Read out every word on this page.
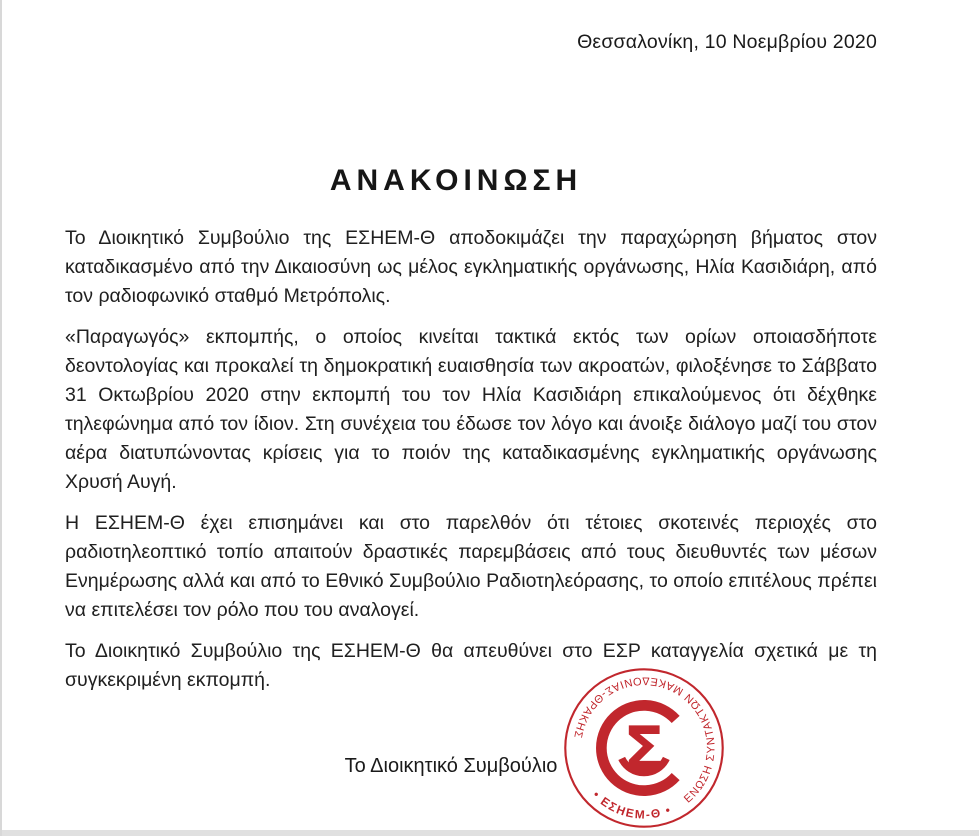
Θεσσαλονίκη, 10 Νοεμβρίου 2020
ΑΝΑΚΟΙΝΩΣΗ

Το Διοικητικό Συμβούλιο της ΕΣΗΕΜ-Θ αποδοκιμάζει την παραχώρηση βήματος στον καταδικασμένο από την Δικαιοσύνη ως μέλος εγκληματικής οργάνωσης, Ηλία Κασιδιάρη, από τον ραδιοφωνικό σταθμό Μετρόπολις.

«Παραγωγός» εκπομπής, ο οποίος κινείται τακτικά εκτός των ορίων οποιασδήποτε δεοντολογίας και προκαλεί τη δημοκρατική ευαισθησία των ακροατών, φιλοξένησε το Σάββατο 31 Οκτωβρίου 2020 στην εκπομπή του τον Ηλία Κασιδιάρη επικαλούμενος ότι δέχθηκε τηλεφώνημα από τον ίδιον. Στη συνέχεια του έδωσε τον λόγο και άνοιξε διάλογο μαζί του στον αέρα διατυπώνοντας κρίσεις για το ποιόν της καταδικασμένης εγκληματικής οργάνωσης Χρυσή Αυγή.

Η ΕΣΗΕΜ-Θ έχει επισημάνει και στο παρελθόν ότι τέτοιες σκοτεινές περιοχές στο ραδιοτηλεοπτικό τοπίο απαιτούν δραστικές παρεμβάσεις από τους διευθυντές των μέσων Ενημέρωσης αλλά και από το Εθνικό Συμβούλιο Ραδιοτηλεόρασης, το οποίο επιτέλους πρέπει να επιτελέσει τον ρόλο που του αναλογεί.

Το Διοικητικό Συμβούλιο της ΕΣΗΕΜ-Θ θα απευθύνει στο ΕΣΡ καταγγελία σχετικά με τη συγκεκριμένη εκπομπή.

Το Διοικητικό Συμβούλιο
ΕΝΩΣΗ ΣΥΝΤΑΚΤΩΝ ΜΑΚΕΔΟΝΙΑΣ-ΘΡΑΚΗΣ
• ΕΣΗΕΜ-Θ •
Σ
